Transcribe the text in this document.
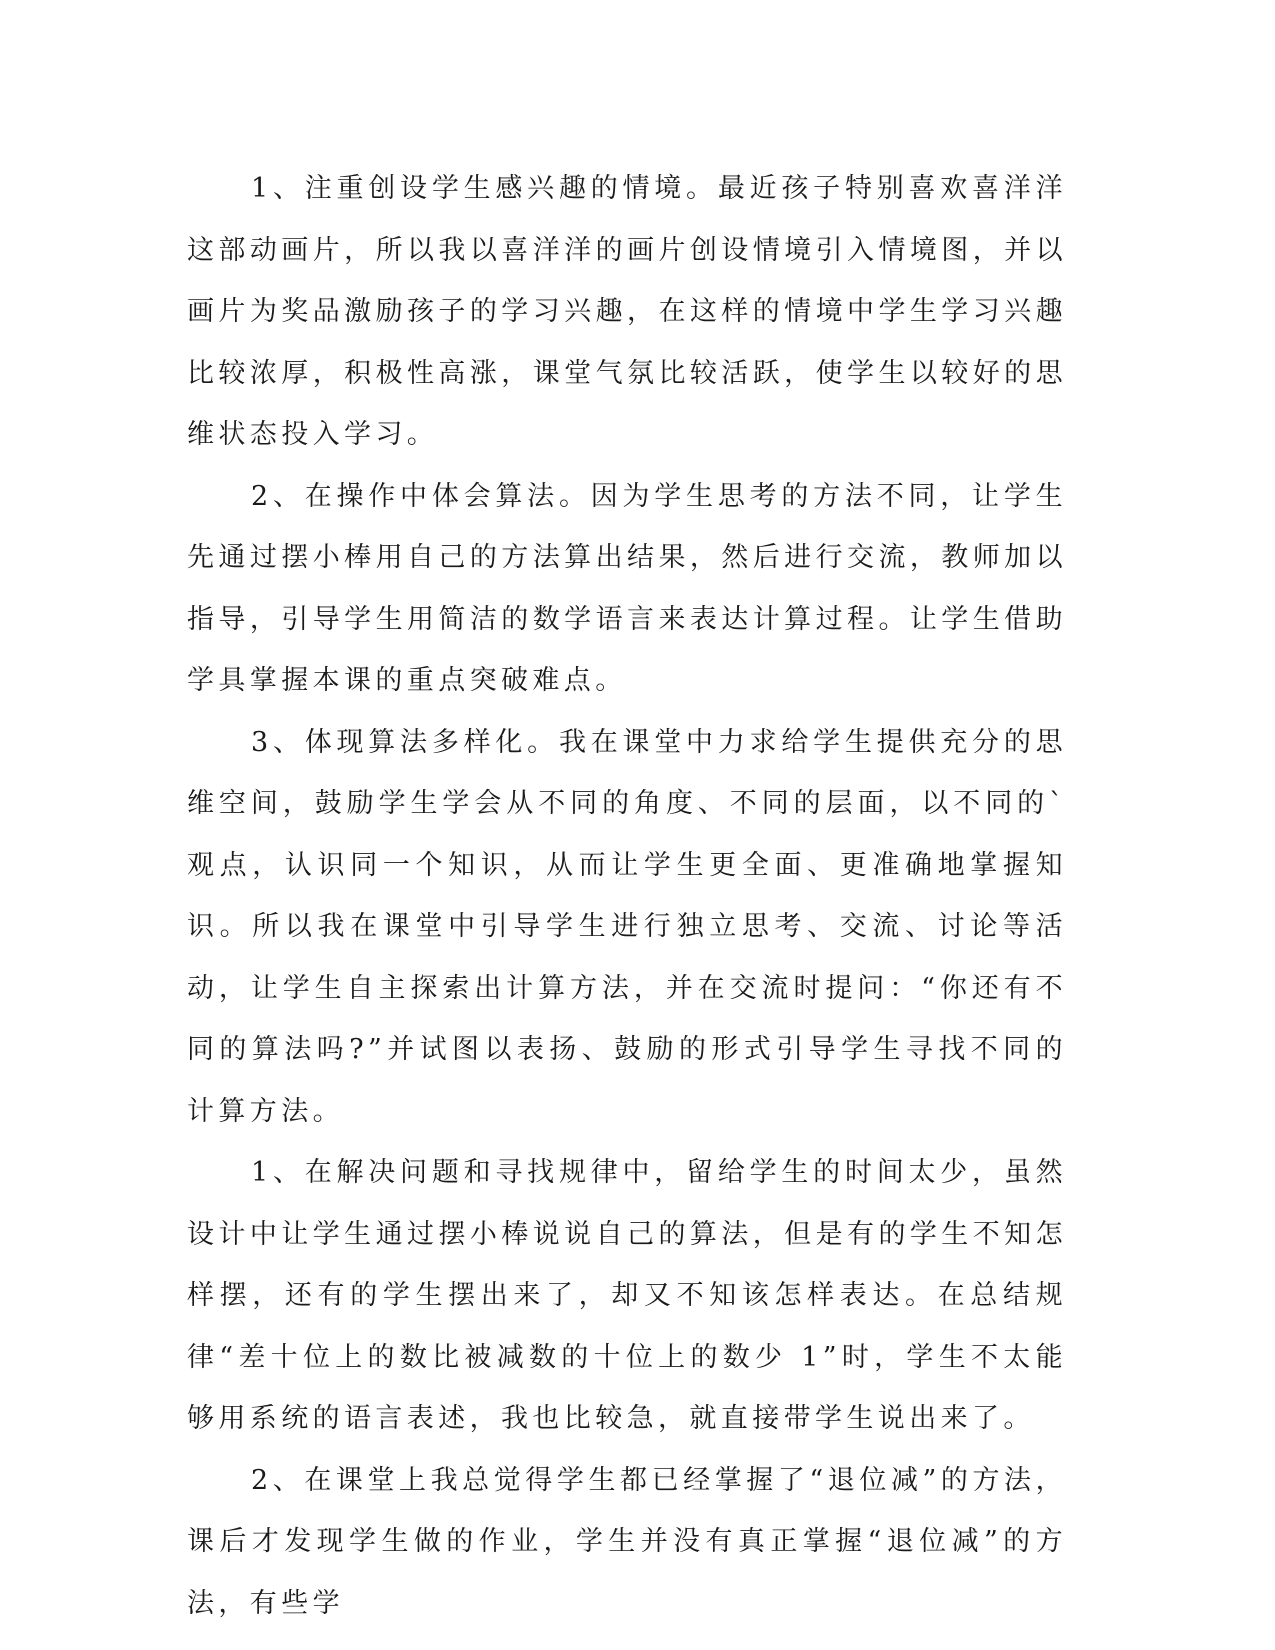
1、注重创设学生感兴趣的情境。最近孩子特别喜欢喜洋洋这部动画片，所以我以喜洋洋的画片创设情境引入情境图，并以画片为奖品激励孩子的学习兴趣，在这样的情境中学生学习兴趣比较浓厚，积极性高涨，课堂气氛比较活跃，使学生以较好的思维状态投入学习。

2、在操作中体会算法。因为学生思考的方法不同，让学生先通过摆小棒用自己的方法算出结果，然后进行交流，教师加以指导，引导学生用简洁的数学语言来表达计算过程。让学生借助学具掌握本课的重点突破难点。

3、体现算法多样化。我在课堂中力求给学生提供充分的思维空间，鼓励学生学会从不同的角度、不同的层面，以不同的`观点，认识同一个知识，从而让学生更全面、更准确地掌握知识。所以我在课堂中引导学生进行独立思考、交流、讨论等活动，让学生自主探索出计算方法，并在交流时提问：“你还有不同的算法吗?”并试图以表扬、鼓励的形式引导学生寻找不同的计算方法。

1、在解决问题和寻找规律中，留给学生的时间太少，虽然设计中让学生通过摆小棒说说自己的算法，但是有的学生不知怎样摆，还有的学生摆出来了，却又不知该怎样表达。在总结规律“差十位上的数比被减数的十位上的数少 1”时，学生不太能够用系统的语言表述，我也比较急，就直接带学生说出来了。

2、在课堂上我总觉得学生都已经掌握了“退位减”的方法，课后才发现学生做的作业，学生并没有真正掌握“退位减”的方法，有些学
